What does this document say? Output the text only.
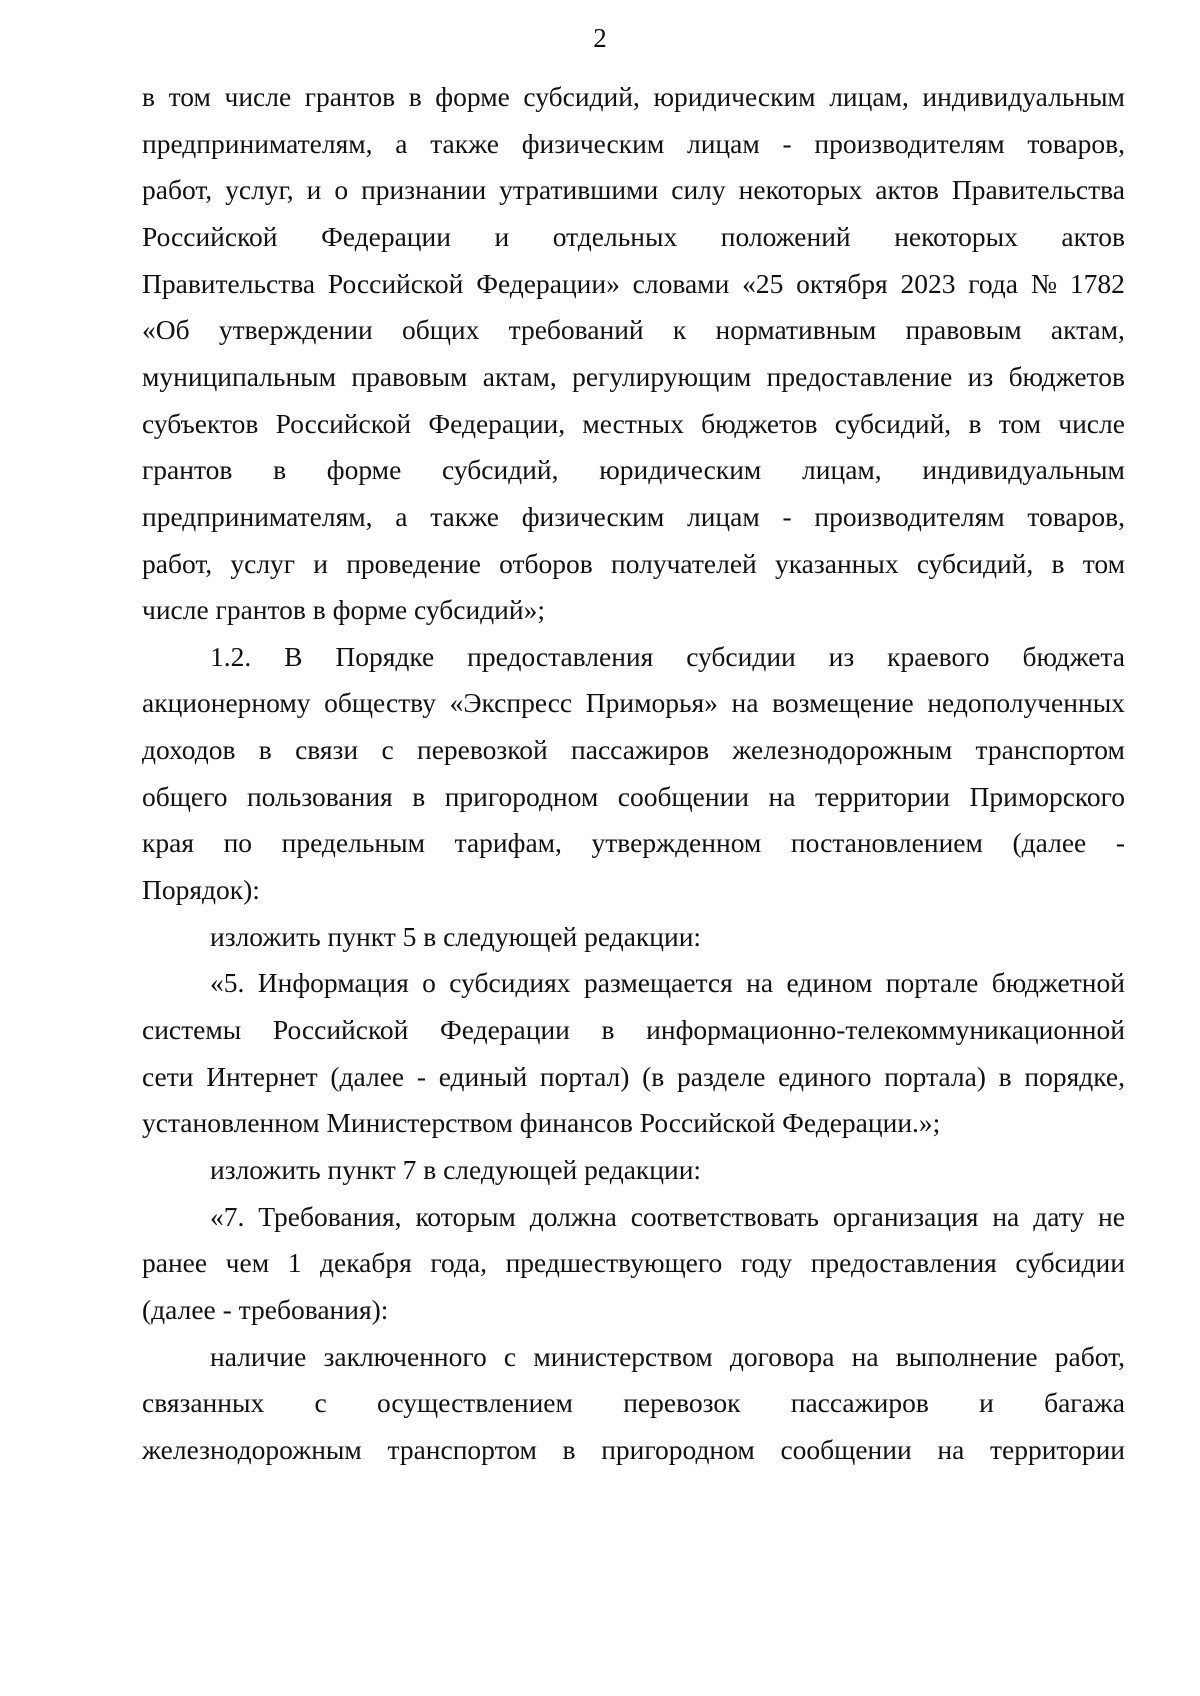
2
в том числе грантов в форме субсидий, юридическим лицам, индивидуальным
предпринимателям, а также физическим лицам - производителям товаров,
работ, услуг, и о признании утратившими силу некоторых актов Правительства
Российской Федерации и отдельных положений некоторых актов
Правительства Российской Федерации» словами «25 октября 2023 года № 1782
«Об утверждении общих требований к нормативным правовым актам,
муниципальным правовым актам, регулирующим предоставление из бюджетов
субъектов Российской Федерации, местных бюджетов субсидий, в том числе
грантов в форме субсидий, юридическим лицам, индивидуальным
предпринимателям, а также физическим лицам - производителям товаров,
работ, услуг и проведение отборов получателей указанных субсидий, в том
числе грантов в форме субсидий»;
1.2. В Порядке предоставления субсидии из краевого бюджета
акционерному обществу «Экспресс Приморья» на возмещение недополученных
доходов в связи с перевозкой пассажиров железнодорожным транспортом
общего пользования в пригородном сообщении на территории Приморского
края по предельным тарифам, утвержденном постановлением (далее -
Порядок):
изложить пункт 5 в следующей редакции:
«5. Информация о субсидиях размещается на едином портале бюджетной
системы Российской Федерации в информационно-телекоммуникационной
сети Интернет (далее - единый портал) (в разделе единого портала) в порядке,
установленном Министерством финансов Российской Федерации.»;
изложить пункт 7 в следующей редакции:
«7. Требования, которым должна соответствовать организация на дату не
ранее чем 1 декабря года, предшествующего году предоставления субсидии
(далее - требования):
наличие заключенного с министерством договора на выполнение работ,
связанных с осуществлением перевозок пассажиров и багажа
железнодорожным транспортом в пригородном сообщении на территории
